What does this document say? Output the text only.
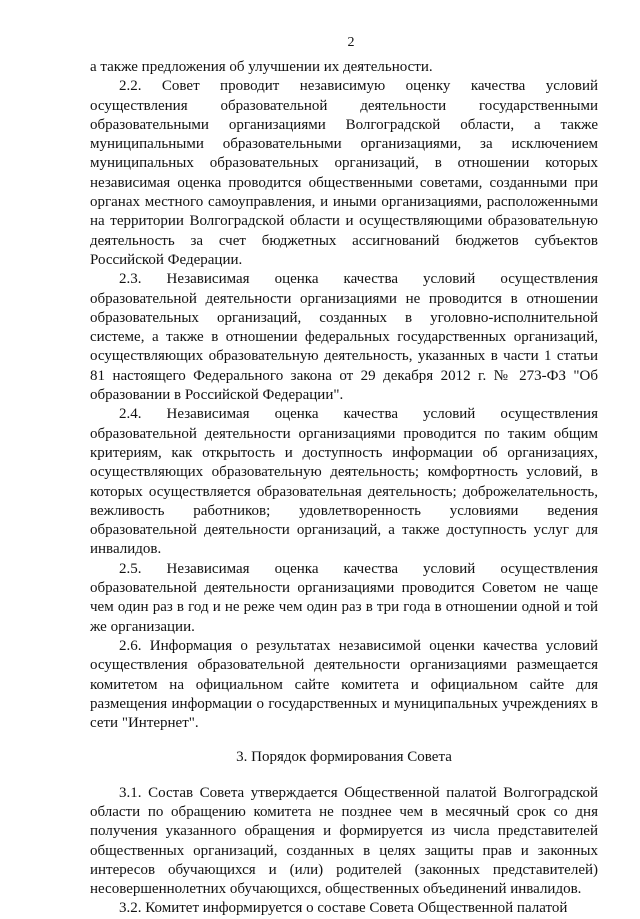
2

а также предложения об улучшении их деятельности.

2.2. Совет проводит независимую оценку качества условий осуществления образовательной деятельности государственными образовательными организациями Волгоградской области, а также муниципальными образовательными организациями, за исключением муниципальных образовательных организаций, в отношении которых независимая оценка проводится общественными советами, созданными при органах местного самоуправления, и иными организациями, расположенными на территории Волгоградской области и осуществляющими образовательную деятельность за счет бюджетных ассигнований бюджетов субъектов Российской Федерации.

2.3. Независимая оценка качества условий осуществления образовательной деятельности организациями не проводится в отношении образовательных организаций, созданных в уголовно-исполнительной системе, а также в отношении федеральных государственных организаций, осуществляющих образовательную деятельность, указанных в части 1 статьи 81 настоящего Федерального закона от 29 декабря 2012 г. № 273-ФЗ "Об образовании в Российской Федерации".

2.4. Независимая оценка качества условий осуществления образовательной деятельности организациями проводится по таким общим критериям, как открытость и доступность информации об организациях, осуществляющих образовательную деятельность; комфортность условий, в которых осуществляется образовательная деятельность; доброжелательность, вежливость работников; удовлетворенность условиями ведения образовательной деятельности организаций, а также доступность услуг для инвалидов.

2.5. Независимая оценка качества условий осуществления образовательной деятельности организациями проводится Советом не чаще чем один раз в год и не реже чем один раз в три года в отношении одной и той же организации.

2.6. Информация о результатах независимой оценки качества условий осуществления образовательной деятельности организациями размещается комитетом на официальном сайте комитета и официальном сайте для размещения информации о государственных и муниципальных учреждениях в сети "Интернет".

3. Порядок формирования Совета

3.1. Состав Совета утверждается Общественной палатой Волгоградской области по обращению комитета не позднее чем в месячный срок со дня получения указанного обращения и формируется из числа представителей общественных организаций, созданных в целях защиты прав и законных интересов обучающихся и (или) родителей (законных представителей) несовершеннолетних обучающихся, общественных объединений инвалидов.

3.2. Комитет информируется о составе Совета Общественной палатой
